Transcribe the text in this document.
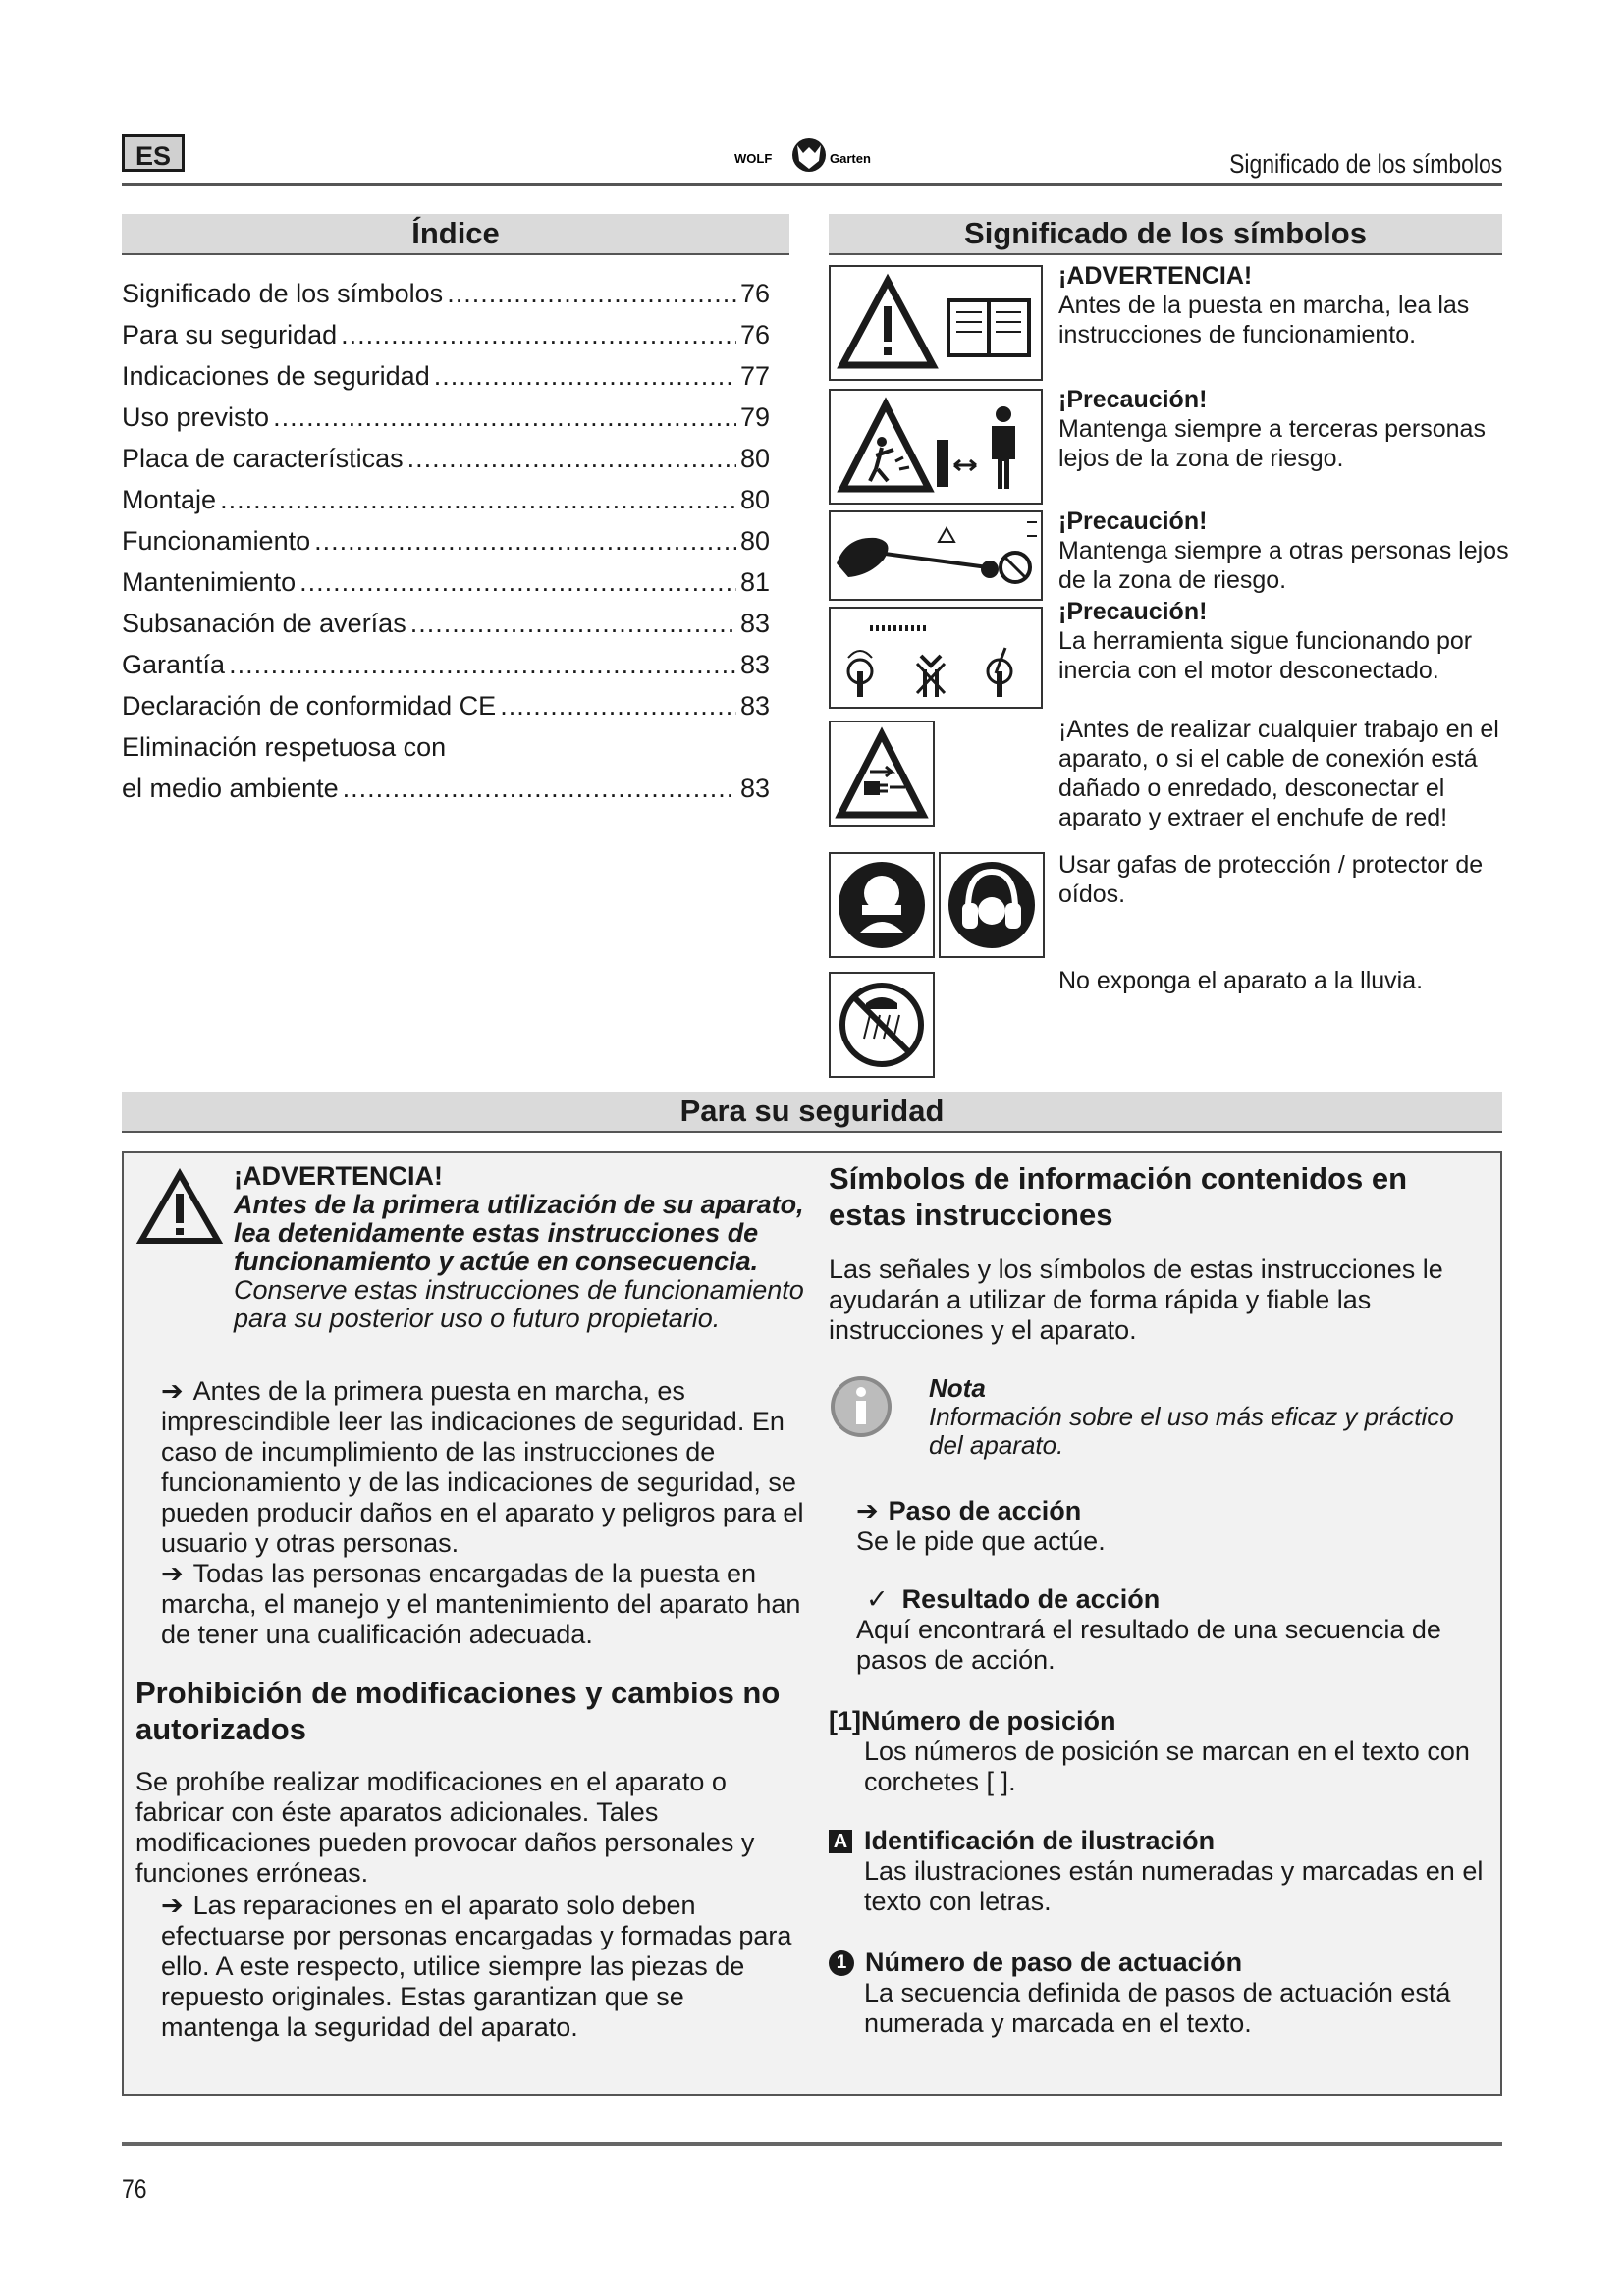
ES	WOLF	Garten	Significado de los símbolos
Índice
Significado de los símbolos .....	76
Para su seguridad .....	76
Indicaciones de seguridad .....	77
Uso previsto .....	79
Placa de características .....	80
Montaje .....	80
Funcionamiento .....	80
Mantenimiento .....	81
Subsanación de averías .....	83
Garantía .....	83
Declaración de conformidad CE .....	83
Eliminación respetuosa con
el medio ambiente .....	83
Significado de los símbolos
¡ADVERTENCIA!
Antes de la puesta en marcha, lea las instrucciones de funcionamiento.
¡Precaución!
Mantenga siempre a terceras personas lejos de la zona de riesgo.
¡Precaución!
Mantenga siempre a otras personas lejos de la zona de riesgo.
¡Precaución!
La herramienta sigue funcionando por inercia con el motor desconectado.
¡Antes de realizar cualquier trabajo en el aparato, o si el cable de conexión está dañado o enredado, desconectar el aparato y extraer el enchufe de red!
Usar gafas de protección / protector de oídos.
No exponga el aparato a la lluvia.
Para su seguridad
¡ADVERTENCIA!
Antes de la primera utilización de su aparato, lea detenidamente estas instrucciones de funcionamiento y actúe en consecuencia.
Conserve estas instrucciones de funcionamiento para su posterior uso o futuro propietario.
➔ Antes de la primera puesta en marcha, es imprescindible leer las indicaciones de seguridad. En caso de incumplimiento de las instrucciones de funcionamiento y de las indicaciones de seguridad, se pueden producir daños en el aparato y peligros para el usuario y otras personas.
➔ Todas las personas encargadas de la puesta en marcha, el manejo y el mantenimiento del aparato han de tener una cualificación adecuada.
Prohibición de modificaciones y cambios no autorizados
Se prohíbe realizar modificaciones en el aparato o fabricar con éste aparatos adicionales. Tales modificaciones pueden provocar daños personales y funciones erróneas.
➔ Las reparaciones en el aparato solo deben efectuarse por personas encargadas y formadas para ello. A este respecto, utilice siempre las piezas de repuesto originales. Estas garantizan que se mantenga la seguridad del aparato.
Símbolos de información contenidos en estas instrucciones
Las señales y los símbolos de estas instrucciones le ayudarán a utilizar de forma rápida y fiable las instrucciones y el aparato.
Nota
Información sobre el uso más eficaz y práctico del aparato.
➔ Paso de acción
Se le pide que actúe.
✓ Resultado de acción
Aquí encontrará el resultado de una secuencia de pasos de acción.
[1]Número de posición
Los números de posición se marcan en el texto con corchetes [ ].
A Identificación de ilustración
Las ilustraciones están numeradas y marcadas en el texto con letras.
1 Número de paso de actuación
La secuencia definida de pasos de actuación está numerada y marcada en el texto.
76
